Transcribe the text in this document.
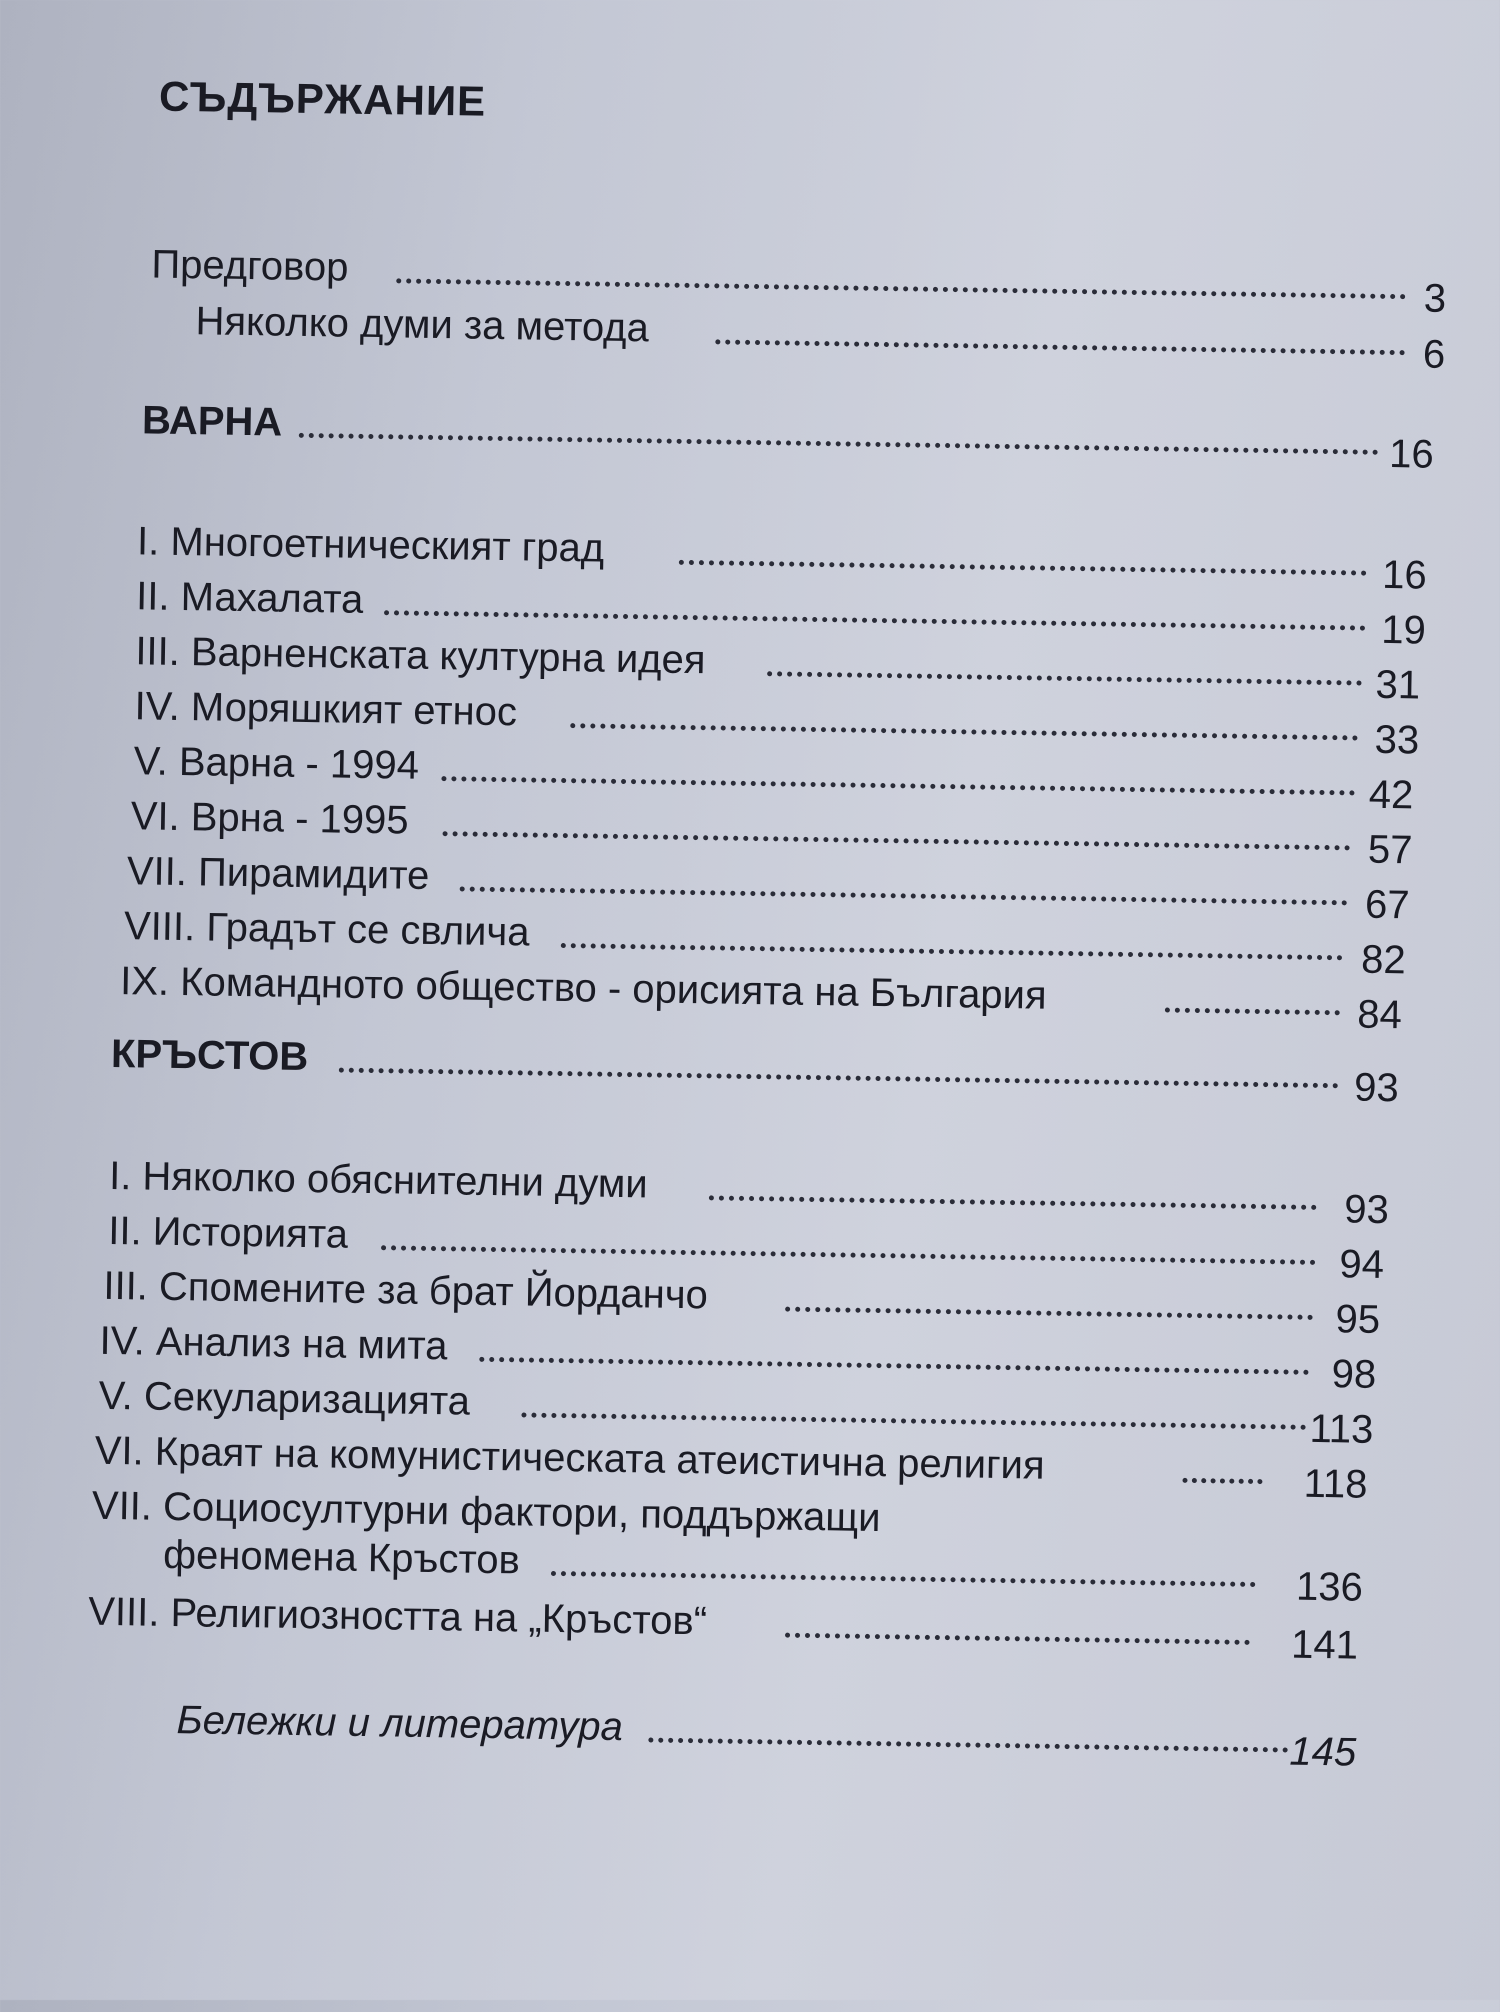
СЪДЪРЖАНИЕ
Предговор
3
Няколко думи за метода
6
ВАРНА
16
I. Многоетническият град
16
II. Махалата
19
III. Варненската културна идея
31
IV. Моряшкият етнос
33
V. Варна - 1994
42
VI. Врна - 1995
57
VII. Пирамидите
67
VIII. Градът се свлича
82
IX. Командното общество - орисията на България	84
КРЪСТОВ
93
I. Няколко обяснителни думи
93
II. Историята
94
III. Спомените за брат Йорданчо
95
IV. Анализ на мита
98
V. Секуларизацията
113
VI. Краят на комунистическата атеистична религия	118
VII. Социосултурни фактори, поддържащи
феномена Кръстов
136
VIII. Религиозността на „Кръстов“
141
Бележки и литература
145
